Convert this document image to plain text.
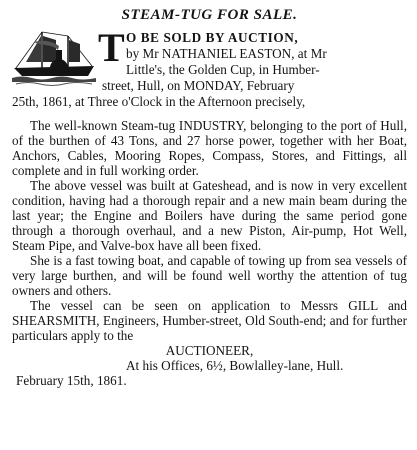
STEAM-TUG FOR SALE.
T O BE SOLD BY AUCTION,
by Mr NATHANIEL EASTON, at Mr
Little's, the Golden Cup, in Humber-
street, Hull, on MONDAY, February
25th, 1861, at Three o'Clock in the Afternoon precisely,

The well-known Steam-tug INDUSTRY, belonging to the port of Hull, of the burthen of 43 Tons, and 27 horse power, together with her Boat, Anchors, Cables, Mooring Ropes, Compass, Stores, and Fittings, all complete and in full working order.

The above vessel was built at Gateshead, and is now in very excellent condition, having had a thorough repair and a new main beam during the last year; the Engine and Boilers have during the same period gone through a thorough overhaul, and a new Piston, Air-pump, Hot Well, Steam Pipe, and Valve-box have all been fixed.

She is a fast towing boat, and capable of towing up from sea vessels of very large burthen, and will be found well worthy the attention of tug owners and others.

The vessel can be seen on application to Messrs GILL and SHEARSMITH, Engineers, Humber-street, Old South-end; and for further particulars apply to the

AUCTIONEER,

At his Offices, 6½, Bowlalley-lane, Hull.

February 15th, 1861.
